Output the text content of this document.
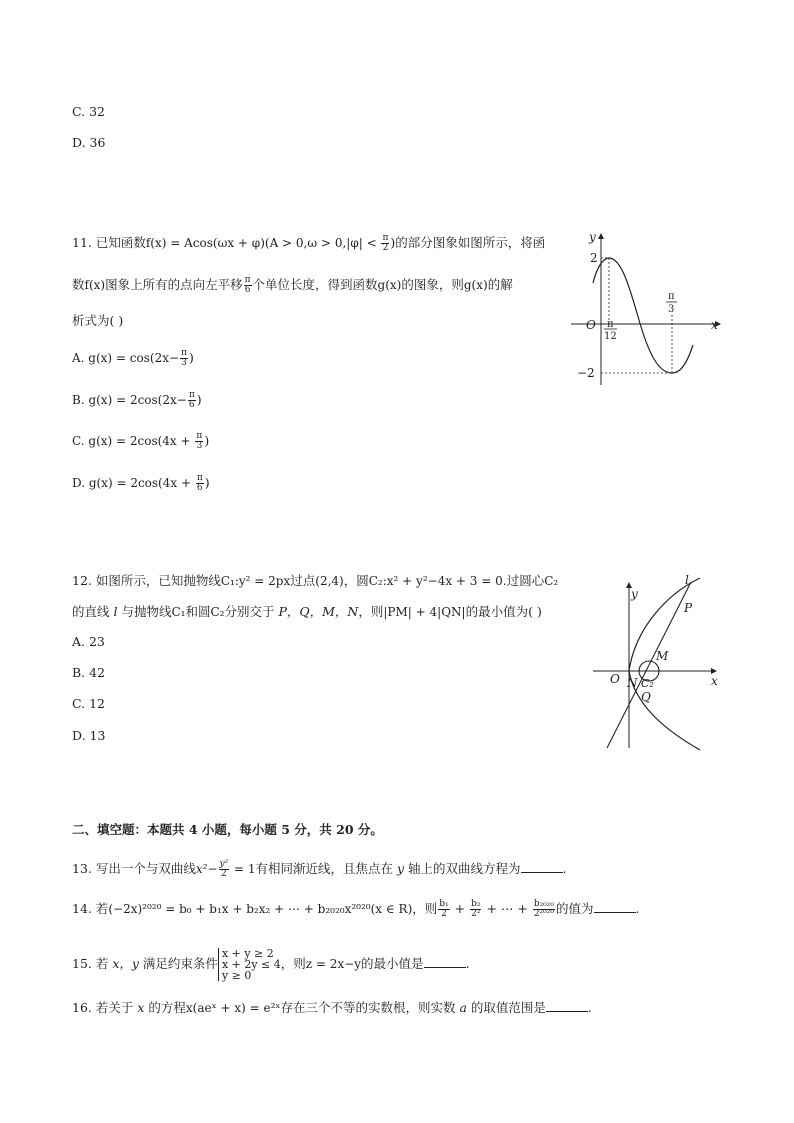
C. 32
D. 36
11. 已知函数$f(x) = Acos(\omega x + \varphi)(A > 0,\omega > 0,|\varphi| < \frac{\pi}{2}$ )的部分图象如图所示，将函
数f(x)图象上所有的点向左平移 $\frac{\pi}{6}$ 个单位长度，得到函数g(x)的图象，则g(x)的解
析式为( )
A. $g(x) = \cos(2x- \frac{\pi}{3}$ )
B. $g(x) = 2\cos(2x- \frac{\pi}{6}$ )
C. $g(x) = 2\cos(4x + \frac{\pi}{3}$ )
D. $g(x) = 2\cos(4x + \frac{\pi}{6}$ )
y
x
O
2
−2
π
12
π
3
12. 如图所示，已知抛物线C₁:y² = 2px过点(2,4)，圆C₂:x² + y²−4x + 3 = 0.过圆心C₂
的直线 l 与抛物线C₁和圆C₂分别交于 P，Q，M，N，则|PM| + 4|QN|的最小值为( )
A. 23
B. 42
C. 12
D. 13
y
x
O
l
P
M
N C₂
Q
二、填空题：本题共 4 小题，每小题 5 分，共 20 分。
13. 写出一个与双曲线$x^2- \frac{\text{y²}}{2} = 1$有相同渐近线，且焦点在 y 轴上的双曲线方程为	.
14. 若(−2x)²⁰²⁰ = b₀ + b₁x + b₂x₂ + ⋯ + b₂₀₂₀x²⁰²⁰(x ∈ R)，则 $\frac{\text{b₁}}{2} + \frac{\text{b₂}}{\text{2²}}$ + ⋯ + $\frac{\text{b₂₀₂₀}}{\text{2²⁰²⁰}}$ 的值为	.
15. 若 x，y 满足约束条件
x + y ≥ 2
x + 2y ≤ 4
y ≥ 0
，则z = 2x−y的最小值是	.
16. 若关于 x 的方程x(aeˣ + x) = e²ˣ存在三个不等的实数根，则实数 a 的取值范围是	.
